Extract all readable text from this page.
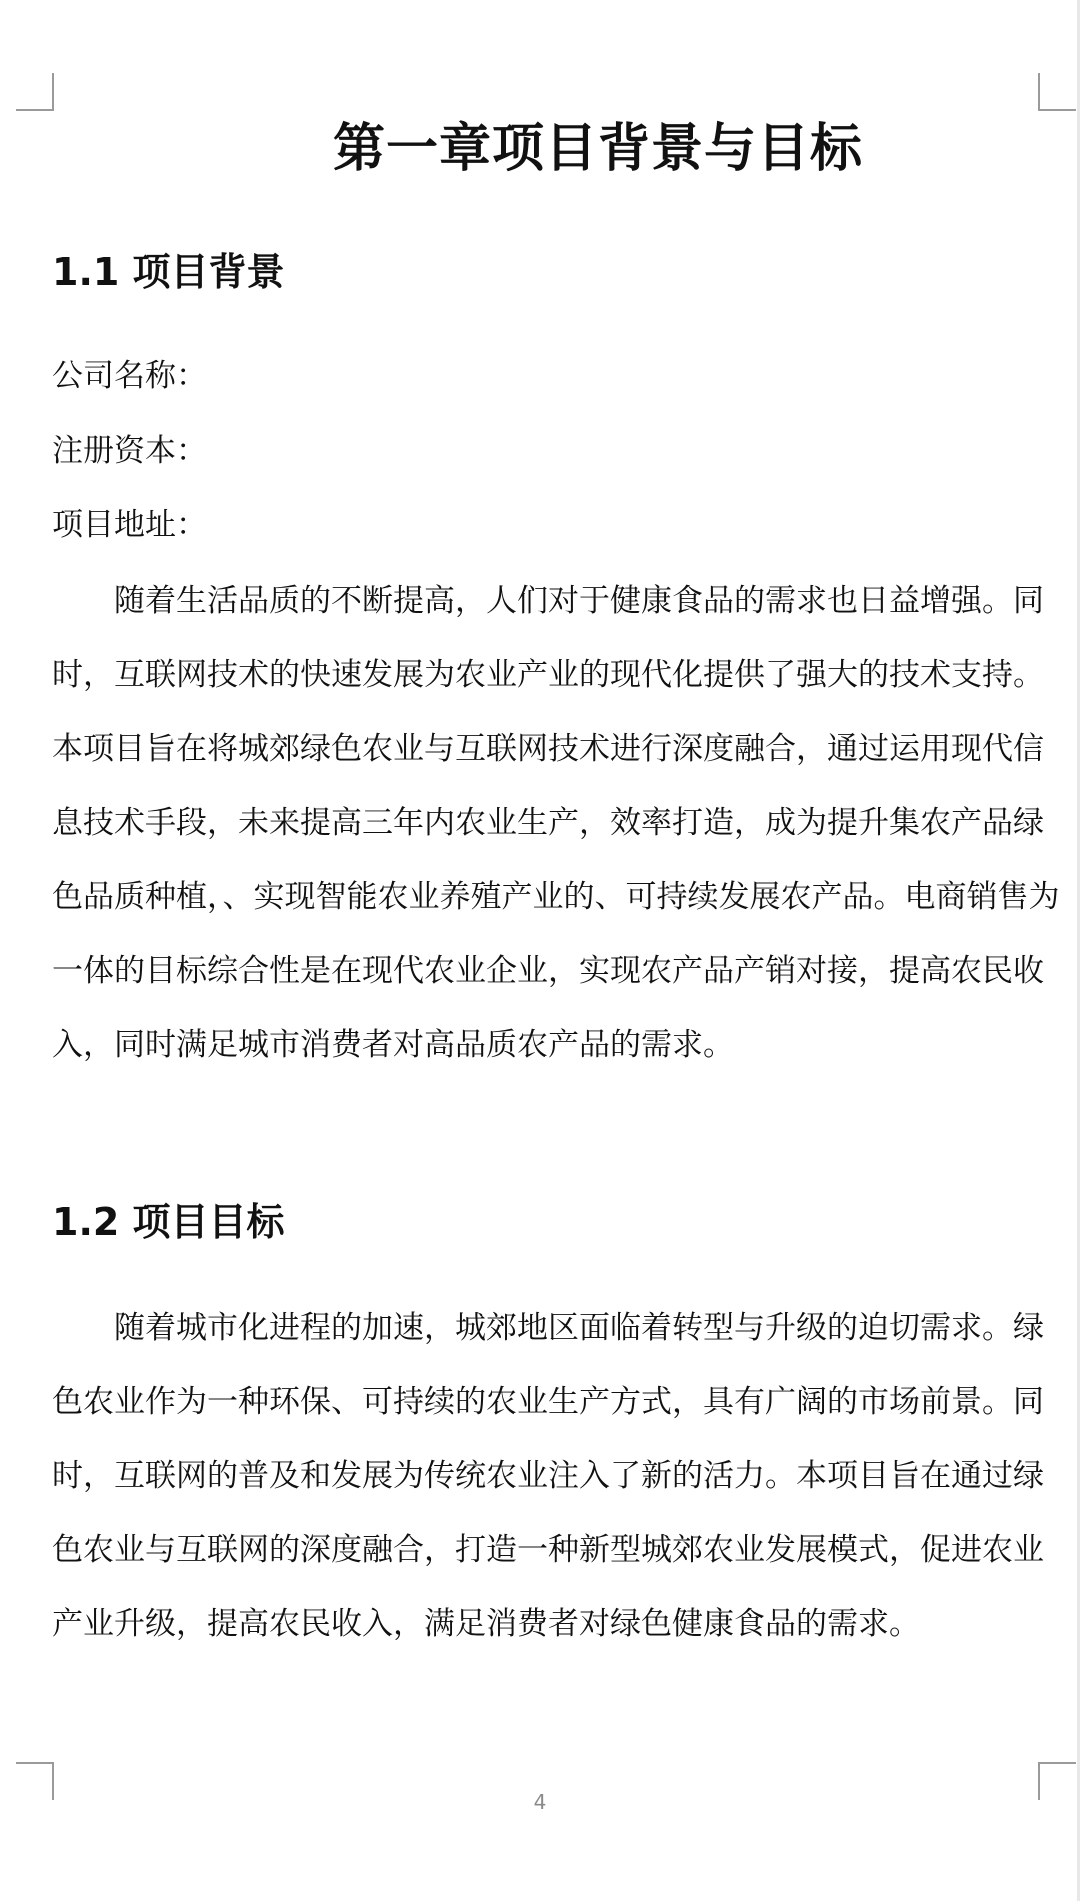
第一章项目背景与目标
1.1 项目背景
公司名称：
注册资本：
项目地址：

随着生活品质的不断提高，人们对于健康食品的需求也日益增强。同时，互联网技术的快速发展为农业产业的现代化提供了强大的技术支持。本项目旨在将城郊绿色农业与互联网技术进行深度融合，通过运用现代信息技术手段，未来提高三年内农业生产，效率打造，成为提升集农产品绿色品质种植，、实现智能农业养殖产业的、可持续发展农产品。电商销售为一体的目标综合性是在现代农业企业，实现农产品产销对接，提高农民收入，同时满足城市消费者对高品质农产品的需求。

1.2 项目目标

随着城市化进程的加速，城郊地区面临着转型与升级的迫切需求。绿色农业作为一种环保、可持续的农业生产方式，具有广阔的市场前景。同时，互联网的普及和发展为传统农业注入了新的活力。本项目旨在通过绿色农业与互联网的深度融合，打造一种新型城郊农业发展模式，促进农业产业升级，提高农民收入，满足消费者对绿色健康食品的需求。

4
